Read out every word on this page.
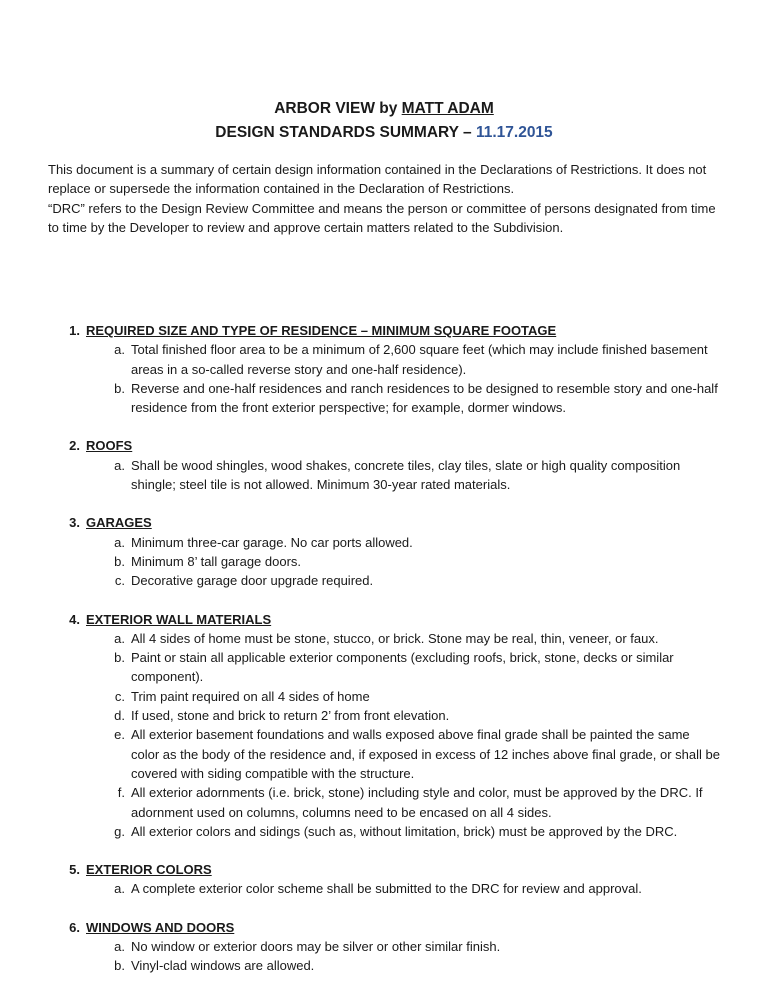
ARBOR VIEW by MATT ADAM
DESIGN STANDARDS SUMMARY – 11.17.2015

This document is a summary of certain design information contained in the Declarations of Restrictions. It does not replace or supersede the information contained in the Declaration of Restrictions.

“DRC” refers to the Design Review Committee and means the person or committee of persons designated from time to time by the Developer to review and approve certain matters related to the Subdivision.

1. REQUIRED SIZE AND TYPE OF RESIDENCE – MINIMUM SQUARE FOOTAGE
a. Total finished floor area to be a minimum of 2,600 square feet (which may include finished basement areas in a so-called reverse story and one-half residence).
b. Reverse and one-half residences and ranch residences to be designed to resemble story and one-half residence from the front exterior perspective; for example, dormer windows.
2. ROOFS
a. Shall be wood shingles, wood shakes, concrete tiles, clay tiles, slate or high quality composition shingle; steel tile is not allowed. Minimum 30-year rated materials.
3. GARAGES
a. Minimum three-car garage. No car ports allowed.
b. Minimum 8’ tall garage doors.
c. Decorative garage door upgrade required.
4. EXTERIOR WALL MATERIALS
a. All 4 sides of home must be stone, stucco, or brick. Stone may be real, thin, veneer, or faux.
b. Paint or stain all applicable exterior components (excluding roofs, brick, stone, decks or similar component).
c. Trim paint required on all 4 sides of home
d. If used, stone and brick to return 2’ from front elevation.
e. All exterior basement foundations and walls exposed above final grade shall be painted the same color as the body of the residence and, if exposed in excess of 12 inches above final grade, or shall be covered with siding compatible with the structure.
f. All exterior adornments (i.e. brick, stone) including style and color, must be approved by the DRC. If adornment used on columns, columns need to be encased on all 4 sides.
g. All exterior colors and sidings (such as, without limitation, brick) must be approved by the DRC.
5. EXTERIOR COLORS
a. A complete exterior color scheme shall be submitted to the DRC for review and approval.
6. WINDOWS AND DOORS
a. No window or exterior doors may be silver or other similar finish.
b. Vinyl-clad windows are allowed.
